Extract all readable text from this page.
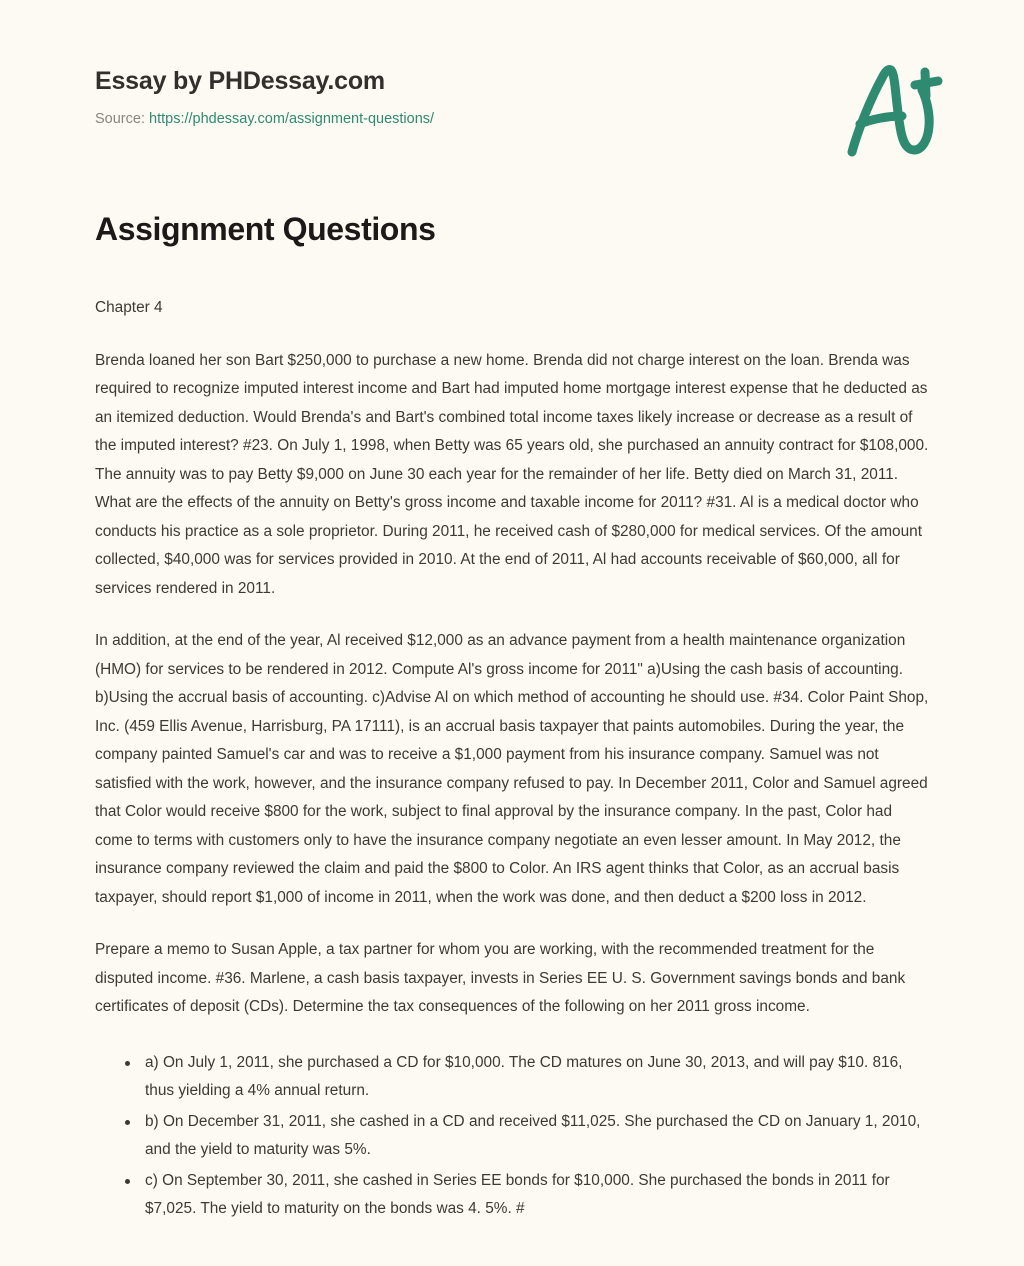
Essay by PHDessay.com
Source: https://phdessay.com/assignment-questions/
Assignment Questions

Chapter 4

Brenda loaned her son Bart $250,000 to purchase a new home. Brenda did not charge interest on the loan. Brenda was required to recognize imputed interest income and Bart had imputed home mortgage interest expense that he deducted as an itemized deduction. Would Brenda's and Bart's combined total income taxes likely increase or decrease as a result of the imputed interest? #23. On July 1, 1998, when Betty was 65 years old, she purchased an annuity contract for $108,000. The annuity was to pay Betty $9,000 on June 30 each year for the remainder of her life. Betty died on March 31, 2011. What are the effects of the annuity on Betty's gross income and taxable income for 2011? #31. Al is a medical doctor who conducts his practice as a sole proprietor. During 2011, he received cash of $280,000 for medical services. Of the amount collected, $40,000 was for services provided in 2010. At the end of 2011, Al had accounts receivable of $60,000, all for services rendered in 2011.

In addition, at the end of the year, Al received $12,000 as an advance payment from a health maintenance organization (HMO) for services to be rendered in 2012. Compute Al's gross income for 2011" a)Using the cash basis of accounting. b)Using the accrual basis of accounting. c)Advise Al on which method of accounting he should use. #34. Color Paint Shop, Inc. (459 Ellis Avenue, Harrisburg, PA 17111), is an accrual basis taxpayer that paints automobiles. During the year, the company painted Samuel's car and was to receive a $1,000 payment from his insurance company. Samuel was not satisfied with the work, however, and the insurance company refused to pay. In December 2011, Color and Samuel agreed that Color would receive $800 for the work, subject to final approval by the insurance company. In the past, Color had come to terms with customers only to have the insurance company negotiate an even lesser amount. In May 2012, the insurance company reviewed the claim and paid the $800 to Color. An IRS agent thinks that Color, as an accrual basis taxpayer, should report $1,000 of income in 2011, when the work was done, and then deduct a $200 loss in 2012.

Prepare a memo to Susan Apple, a tax partner for whom you are working, with the recommended treatment for the disputed income. #36. Marlene, a cash basis taxpayer, invests in Series EE U. S. Government savings bonds and bank certificates of deposit (CDs). Determine the tax consequences of the following on her 2011 gross income.

a) On July 1, 2011, she purchased a CD for $10,000. The CD matures on June 30, 2013, and will pay $10. 816, thus yielding a 4% annual return.
b) On December 31, 2011, she cashed in a CD and received $11,025. She purchased the CD on January 1, 2010, and the yield to maturity was 5%.
c) On September 30, 2011, she cashed in Series EE bonds for $10,000. She purchased the bonds in 2011 for $7,025. The yield to maturity on the bonds was 4. 5%. #
